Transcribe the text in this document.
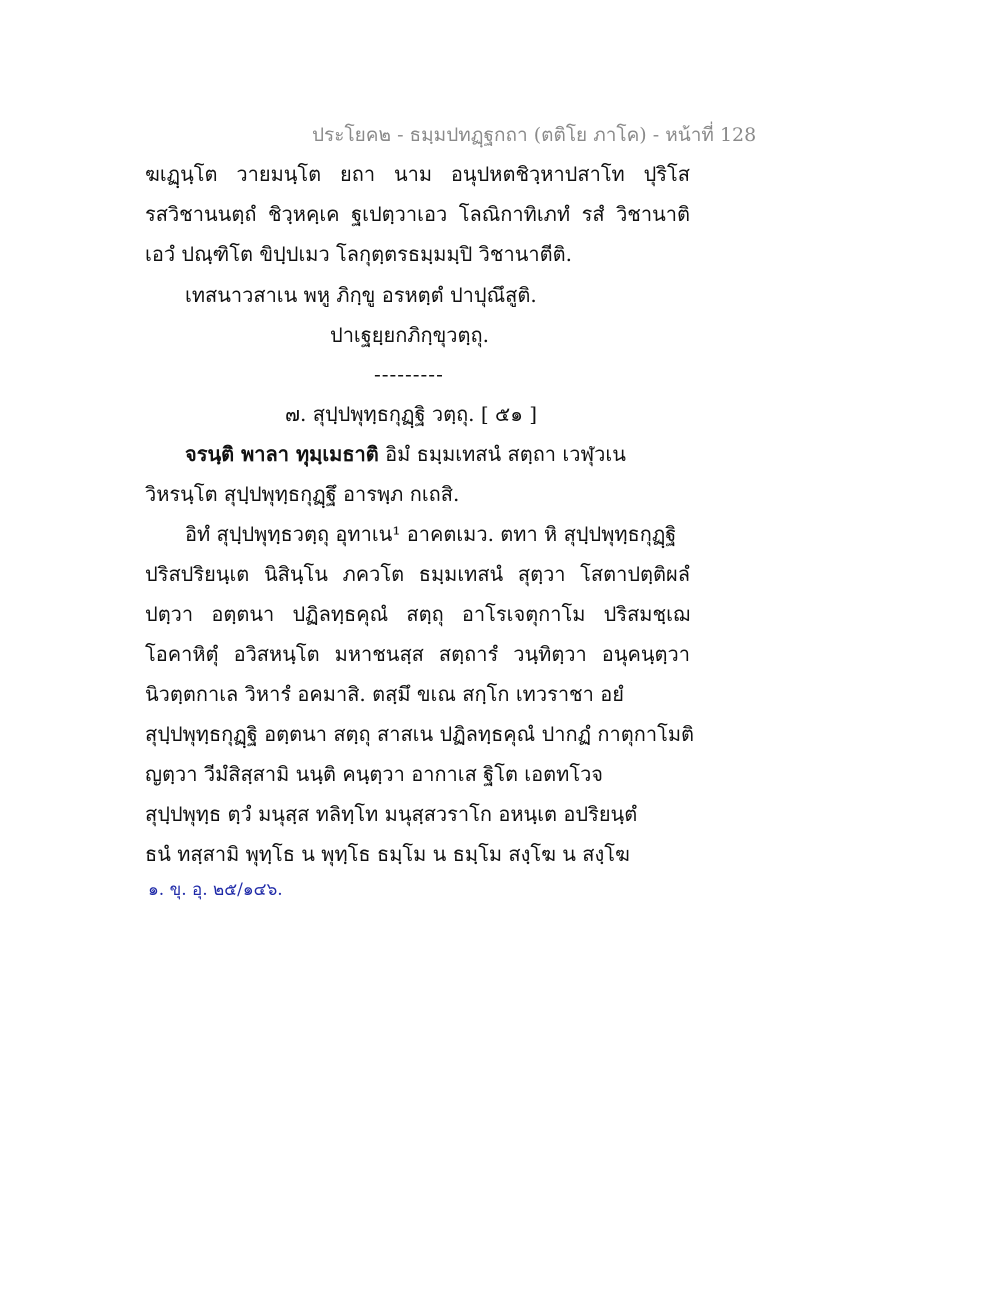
ประโยค๒ - ธมฺมปทฏฺฐกถา (ตติโย ภาโค) - หน้าที่ 128
ฆเฏฺนฺโต วายมนฺโต ยถา นาม อนุปหตชิวฺหาปสาโท ปุริโส
รสวิชานนตฺถํ ชิวฺหคฺเค ฐเปตฺวาเอว โลณิกาทิเภทํ รสํ วิชานาติ
เอวํ ปณฺฑิโต ขิปฺปเมว โลกุตฺตรธมฺมมฺปิ วิชานาตีติ.
เทสนาวสาเน พหู ภิกฺขู อรหตฺตํ ปาปุณึสูติ.
ปาเฐยฺยกภิกฺขุวตฺถุ.
---------
๗. สุปฺปพุทฺธกุฏฺฐิ วตฺถุ. [ ๕๑ ]
จรนฺติ พาลา ทุมฺเมธาติ อิมํ ธมฺมเทสนํ สตฺถา เวฬุวเน
วิหรนฺโต สุปฺปพุทฺธกุฏฺฐึ อารพฺภ กเถสิ.
อิทํ สุปฺปพุทฺธวตฺถุ อุทาเน¹ อาคตเมว. ตทา หิ สุปฺปพุทฺธกุฏฺฐิ
ปริสปริยนฺเต นิสินฺโน ภควโต ธมฺมเทสนํ สุตฺวา โสตาปตฺติผลํ
ปตฺวา อตฺตนา ปฏิลทฺธคุณํ สตฺถุ อาโรเจตุกาโม ปริสมชฺเฌ
โอคาหิตุํ อวิสหนฺโต มหาชนสฺส สตฺถารํ วนฺทิตฺวา อนุคนฺตฺวา
นิวตฺตกาเล วิหารํ อคมาสิ. ตสฺมึ ขเณ สกฺโก เทวราชา อยํ
สุปฺปพุทฺธกุฏฺฐิ อตฺตนา สตฺถุ สาสเน ปฏิลทฺธคุณํ ปากฏํ กาตุกาโมติ
ญตฺวา วีมํสิสฺสามิ นนฺติ คนฺตฺวา อากาเส ฐิโต เอตทโวจ
สุปฺปพุทฺธ ตฺวํ มนุสฺส ทลิทฺโท มนุสฺสวราโก อหนฺเต อปริยนฺตํ
ธนํ ทสฺสามิ พุทฺโธ น พุทฺโธ ธมฺโม น ธมฺโม สงฺโฆ น สงฺโฆ
๑. ขุ. อุ. ๒๕/๑๔๖.
